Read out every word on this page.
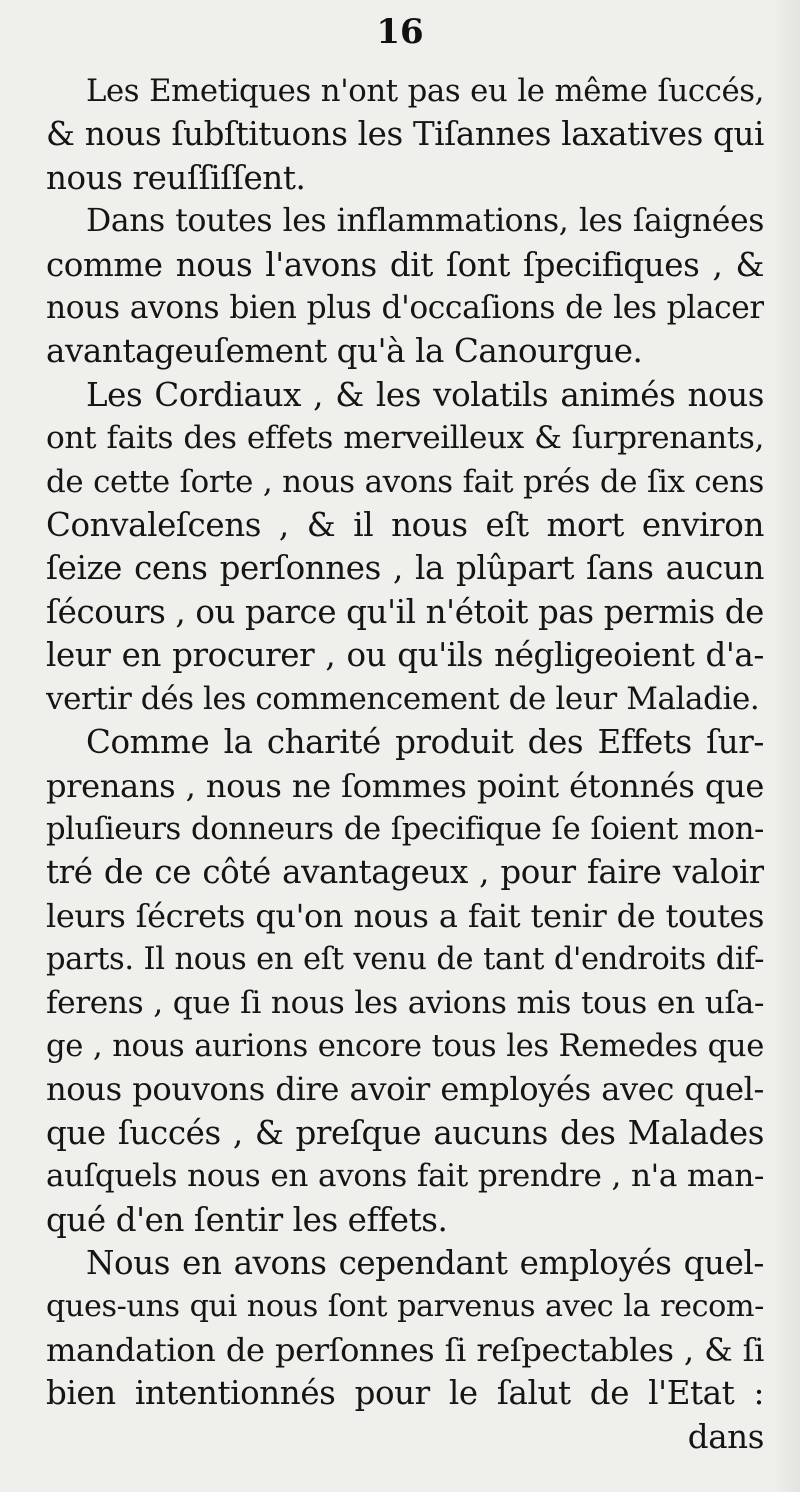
16
Les Emetiques n'ont pas eu le même ſuccés,
& nous ſubſtituons les Tiſannes laxatives qui
nous reuſſiſſent.
Dans toutes les inflammations, les ſaignées
comme nous l'avons dit ſont ſpecifiques , &
nous avons bien plus d'occaſions de les placer
avantageuſement qu'à la Canourgue.
Les Cordiaux , & les volatils animés nous
ont faits des effets merveilleux & ſurprenants,
de cette ſorte , nous avons fait prés de ſix cens
Convaleſcens , & il nous eſt mort environ
ſeize cens perſonnes , la plûpart ſans aucun
ſécours , ou parce qu'il n'étoit pas permis de
leur en procurer , ou qu'ils négligeoient d'a-
vertir dés les commencement de leur Maladie.
Comme la charité produit des Effets ſur-
prenans , nous ne ſommes point étonnés que
pluſieurs donneurs de ſpecifique ſe ſoient mon-
tré de ce côté avantageux , pour faire valoir
leurs ſécrets qu'on nous a fait tenir de toutes
parts. Il nous en eſt venu de tant d'endroits dif-
ferens , que ſi nous les avions mis tous en uſa-
ge , nous aurions encore tous les Remedes que
nous pouvons dire avoir employés avec quel-
que ſuccés , & preſque aucuns des Malades
auſquels nous en avons fait prendre , n'a man-
qué d'en ſentir les effets.
Nous en avons cependant employés quel-
ques-uns qui nous ſont parvenus avec la recom-
mandation de perſonnes ſi reſpectables , & ſi
bien intentionnés pour le ſalut de l'Etat :
dans
